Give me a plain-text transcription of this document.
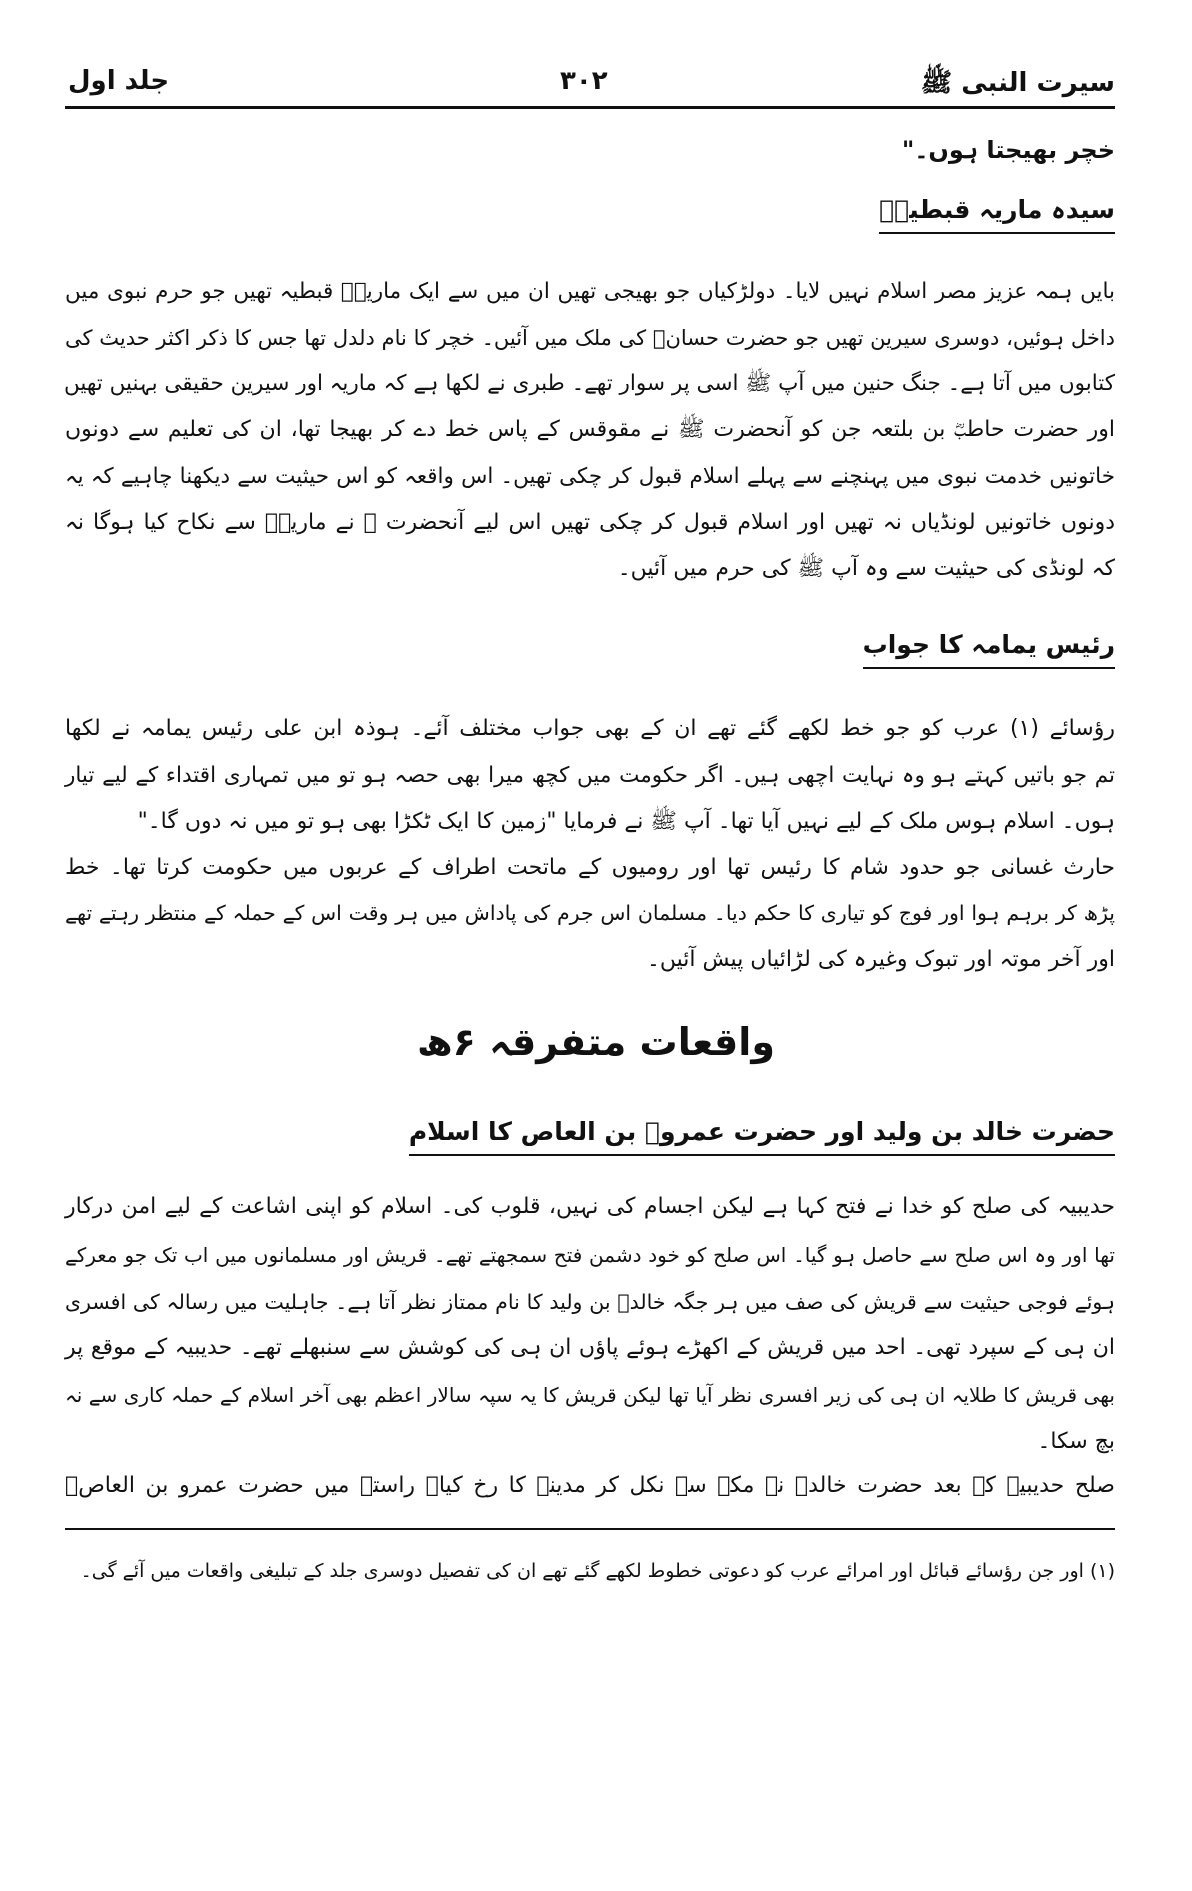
سیرت النبی ﷺ
۳۰۲
جلد اول
خچر بھیجتا ہوں۔"
سیدہ ماریہ قبطیہؓ
بایں ہمہ عزیز مصر اسلام نہیں لایا۔ دولڑکیاں جو بھیجی تھیں ان میں سے ایک ماریہؓ قبطیہ تھیں جو حرم نبوی میں
داخل ہوئیں، دوسری سیرین تھیں جو حضرت حسانؓ کی ملک میں آئیں۔ خچر کا نام دلدل تھا جس کا ذکر اکثر حدیث کی
کتابوں میں آتا ہے۔ جنگ حنین میں آپ ﷺ اسی پر سوار تھے۔ طبری نے لکھا ہے کہ ماریہ اور سیرین حقیقی بہنیں تھیں
اور حضرت حاطبؓ بن بلتعہ جن کو آنحضرت ﷺ نے مقوقس کے پاس خط دے کر بھیجا تھا، ان کی تعلیم سے دونوں
خاتونیں خدمت نبوی میں پہنچنے سے پہلے اسلام قبول کر چکی تھیں۔ اس واقعہ کو اس حیثیت سے دیکھنا چاہیے کہ یہ
دونوں خاتونیں لونڈیاں نہ تھیں اور اسلام قبول کر چکی تھیں اس لیے آنحضرت ﷺ نے ماریہؓ سے نکاح کیا ہوگا نہ
کہ لونڈی کی حیثیت سے وہ آپ ﷺ کی حرم میں آئیں۔
رئیس یمامہ کا جواب
رؤسائے (۱) عرب کو جو خط لکھے گئے تھے ان کے بھی جواب مختلف آئے۔ ہوذہ ابن علی رئیس یمامہ نے لکھا
تم جو باتیں کہتے ہو وہ نہایت اچھی ہیں۔ اگر حکومت میں کچھ میرا بھی حصہ ہو تو میں تمہاری اقتداء کے لیے تیار
ہوں۔ اسلام ہوس ملک کے لیے نہیں آیا تھا۔ آپ ﷺ نے فرمایا "زمین کا ایک ٹکڑا بھی ہو تو میں نہ دوں گا۔"
حارث غسانی جو حدود شام کا رئیس تھا اور رومیوں کے ماتحت اطراف کے عربوں میں حکومت کرتا تھا۔ خط
پڑھ کر برہم ہوا اور فوج کو تیاری کا حکم دیا۔ مسلمان اس جرم کی پاداش میں ہر وقت اس کے حملہ کے منتظر رہتے تھے
اور آخر موتہ اور تبوک وغیرہ کی لڑائیاں پیش آئیں۔
واقعات متفرقہ ۶ھ
حضرت خالد بن ولید اور حضرت عمروؓ بن العاص کا اسلام
حدیبیہ کی صلح کو خدا نے فتح کہا ہے لیکن اجسام کی نہیں، قلوب کی۔ اسلام کو اپنی اشاعت کے لیے امن درکار
تھا اور وہ اس صلح سے حاصل ہو گیا۔ اس صلح کو خود دشمن فتح سمجھتے تھے۔ قریش اور مسلمانوں میں اب تک جو معرکے
ہوئے فوجی حیثیت سے قریش کی صف میں ہر جگہ خالدؓ بن ولید کا نام ممتاز نظر آتا ہے۔ جاہلیت میں رسالہ کی افسری
ان ہی کے سپرد تھی۔ احد میں قریش کے اکھڑے ہوئے پاؤں ان ہی کی کوشش سے سنبھلے تھے۔ حدیبیہ کے موقع پر
بھی قریش کا طلایہ ان ہی کی زیر افسری نظر آیا تھا لیکن قریش کا یہ سپہ سالار اعظم بھی آخر اسلام کے حملہ کاری سے نہ
بچ سکا۔
صلح حدیبیہ کے بعد حضرت خالدؓ نے مکہ سے نکل کر مدینہ کا رخ کیا۔ راستہ میں حضرت عمرو بن العاصؓ
(۱) اور جن رؤسائے قبائل اور امرائے عرب کو دعوتی خطوط لکھے گئے تھے ان کی تفصیل دوسری جلد کے تبلیغی واقعات میں آئے گی۔
